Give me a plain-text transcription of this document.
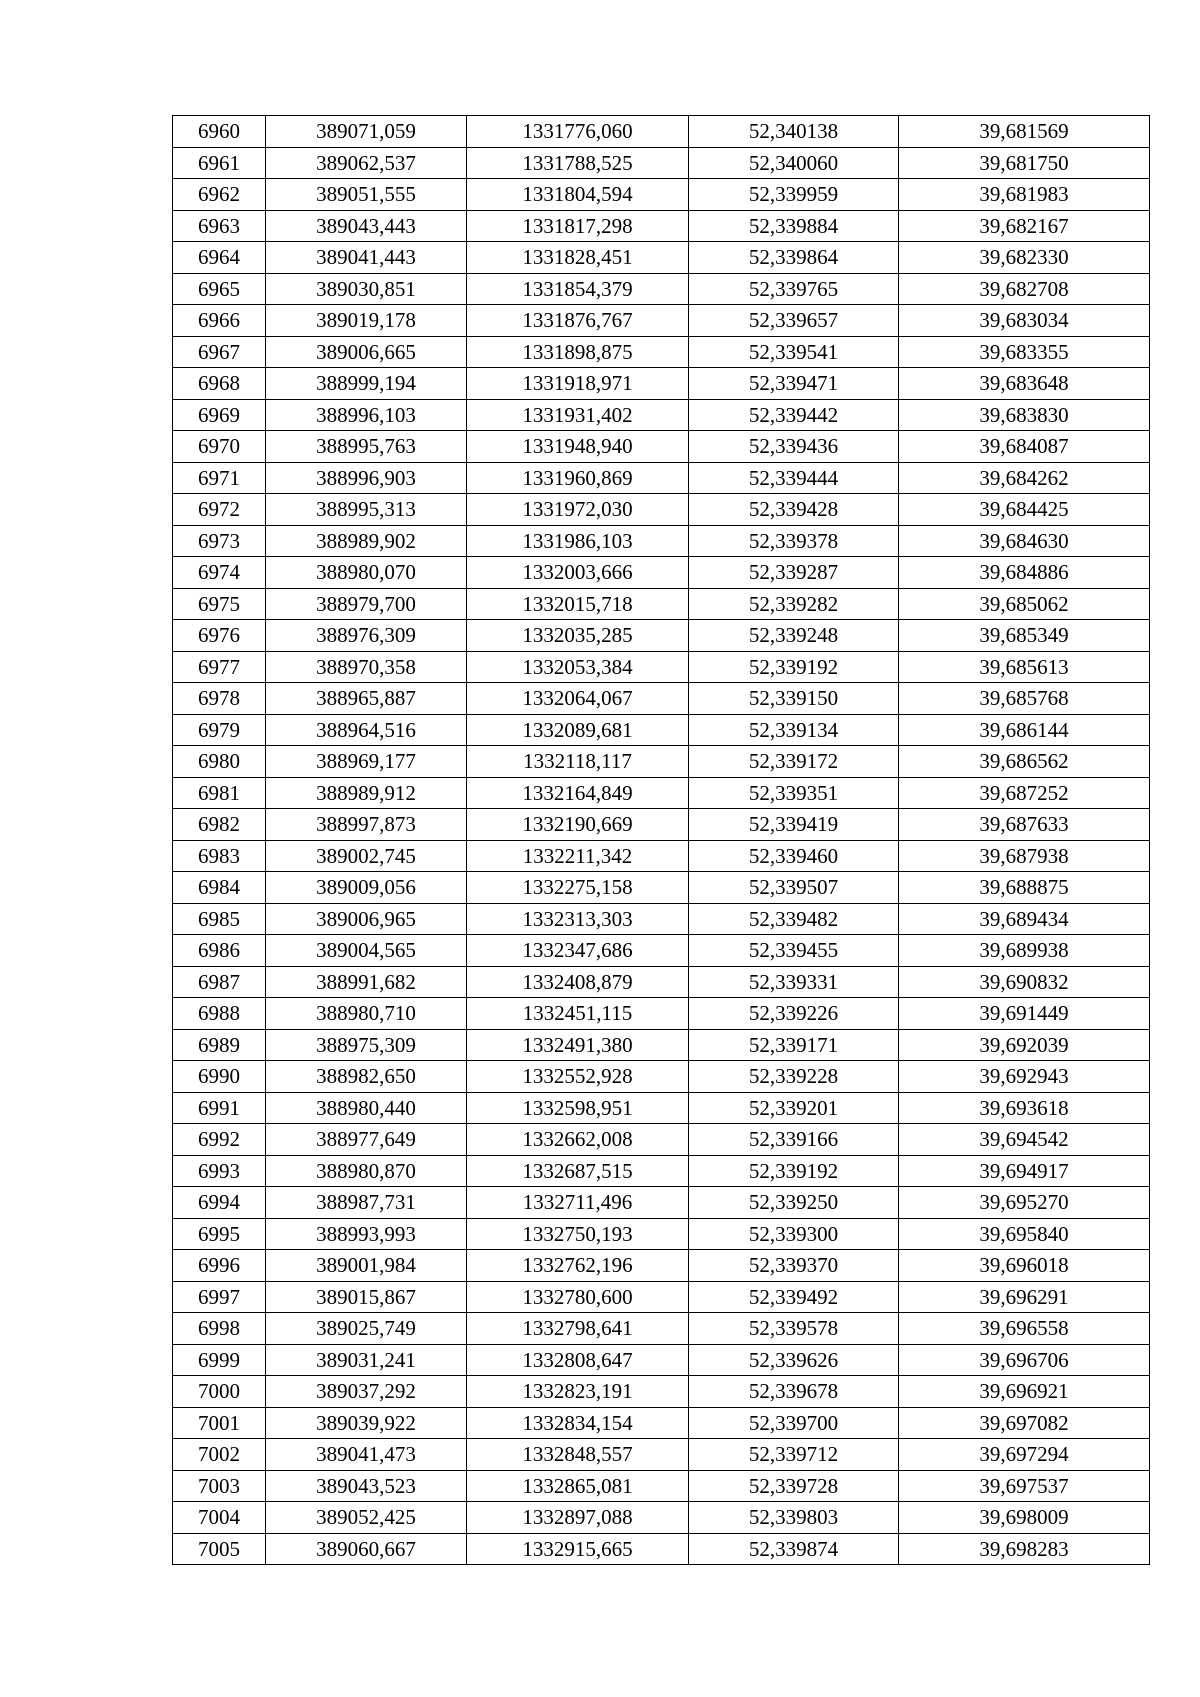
6960	389071,059	1331776,060	52,340138	39,681569
6961	389062,537	1331788,525	52,340060	39,681750
6962	389051,555	1331804,594	52,339959	39,681983
6963	389043,443	1331817,298	52,339884	39,682167
6964	389041,443	1331828,451	52,339864	39,682330
6965	389030,851	1331854,379	52,339765	39,682708
6966	389019,178	1331876,767	52,339657	39,683034
6967	389006,665	1331898,875	52,339541	39,683355
6968	388999,194	1331918,971	52,339471	39,683648
6969	388996,103	1331931,402	52,339442	39,683830
6970	388995,763	1331948,940	52,339436	39,684087
6971	388996,903	1331960,869	52,339444	39,684262
6972	388995,313	1331972,030	52,339428	39,684425
6973	388989,902	1331986,103	52,339378	39,684630
6974	388980,070	1332003,666	52,339287	39,684886
6975	388979,700	1332015,718	52,339282	39,685062
6976	388976,309	1332035,285	52,339248	39,685349
6977	388970,358	1332053,384	52,339192	39,685613
6978	388965,887	1332064,067	52,339150	39,685768
6979	388964,516	1332089,681	52,339134	39,686144
6980	388969,177	1332118,117	52,339172	39,686562
6981	388989,912	1332164,849	52,339351	39,687252
6982	388997,873	1332190,669	52,339419	39,687633
6983	389002,745	1332211,342	52,339460	39,687938
6984	389009,056	1332275,158	52,339507	39,688875
6985	389006,965	1332313,303	52,339482	39,689434
6986	389004,565	1332347,686	52,339455	39,689938
6987	388991,682	1332408,879	52,339331	39,690832
6988	388980,710	1332451,115	52,339226	39,691449
6989	388975,309	1332491,380	52,339171	39,692039
6990	388982,650	1332552,928	52,339228	39,692943
6991	388980,440	1332598,951	52,339201	39,693618
6992	388977,649	1332662,008	52,339166	39,694542
6993	388980,870	1332687,515	52,339192	39,694917
6994	388987,731	1332711,496	52,339250	39,695270
6995	388993,993	1332750,193	52,339300	39,695840
6996	389001,984	1332762,196	52,339370	39,696018
6997	389015,867	1332780,600	52,339492	39,696291
6998	389025,749	1332798,641	52,339578	39,696558
6999	389031,241	1332808,647	52,339626	39,696706
7000	389037,292	1332823,191	52,339678	39,696921
7001	389039,922	1332834,154	52,339700	39,697082
7002	389041,473	1332848,557	52,339712	39,697294
7003	389043,523	1332865,081	52,339728	39,697537
7004	389052,425	1332897,088	52,339803	39,698009
7005	389060,667	1332915,665	52,339874	39,698283
